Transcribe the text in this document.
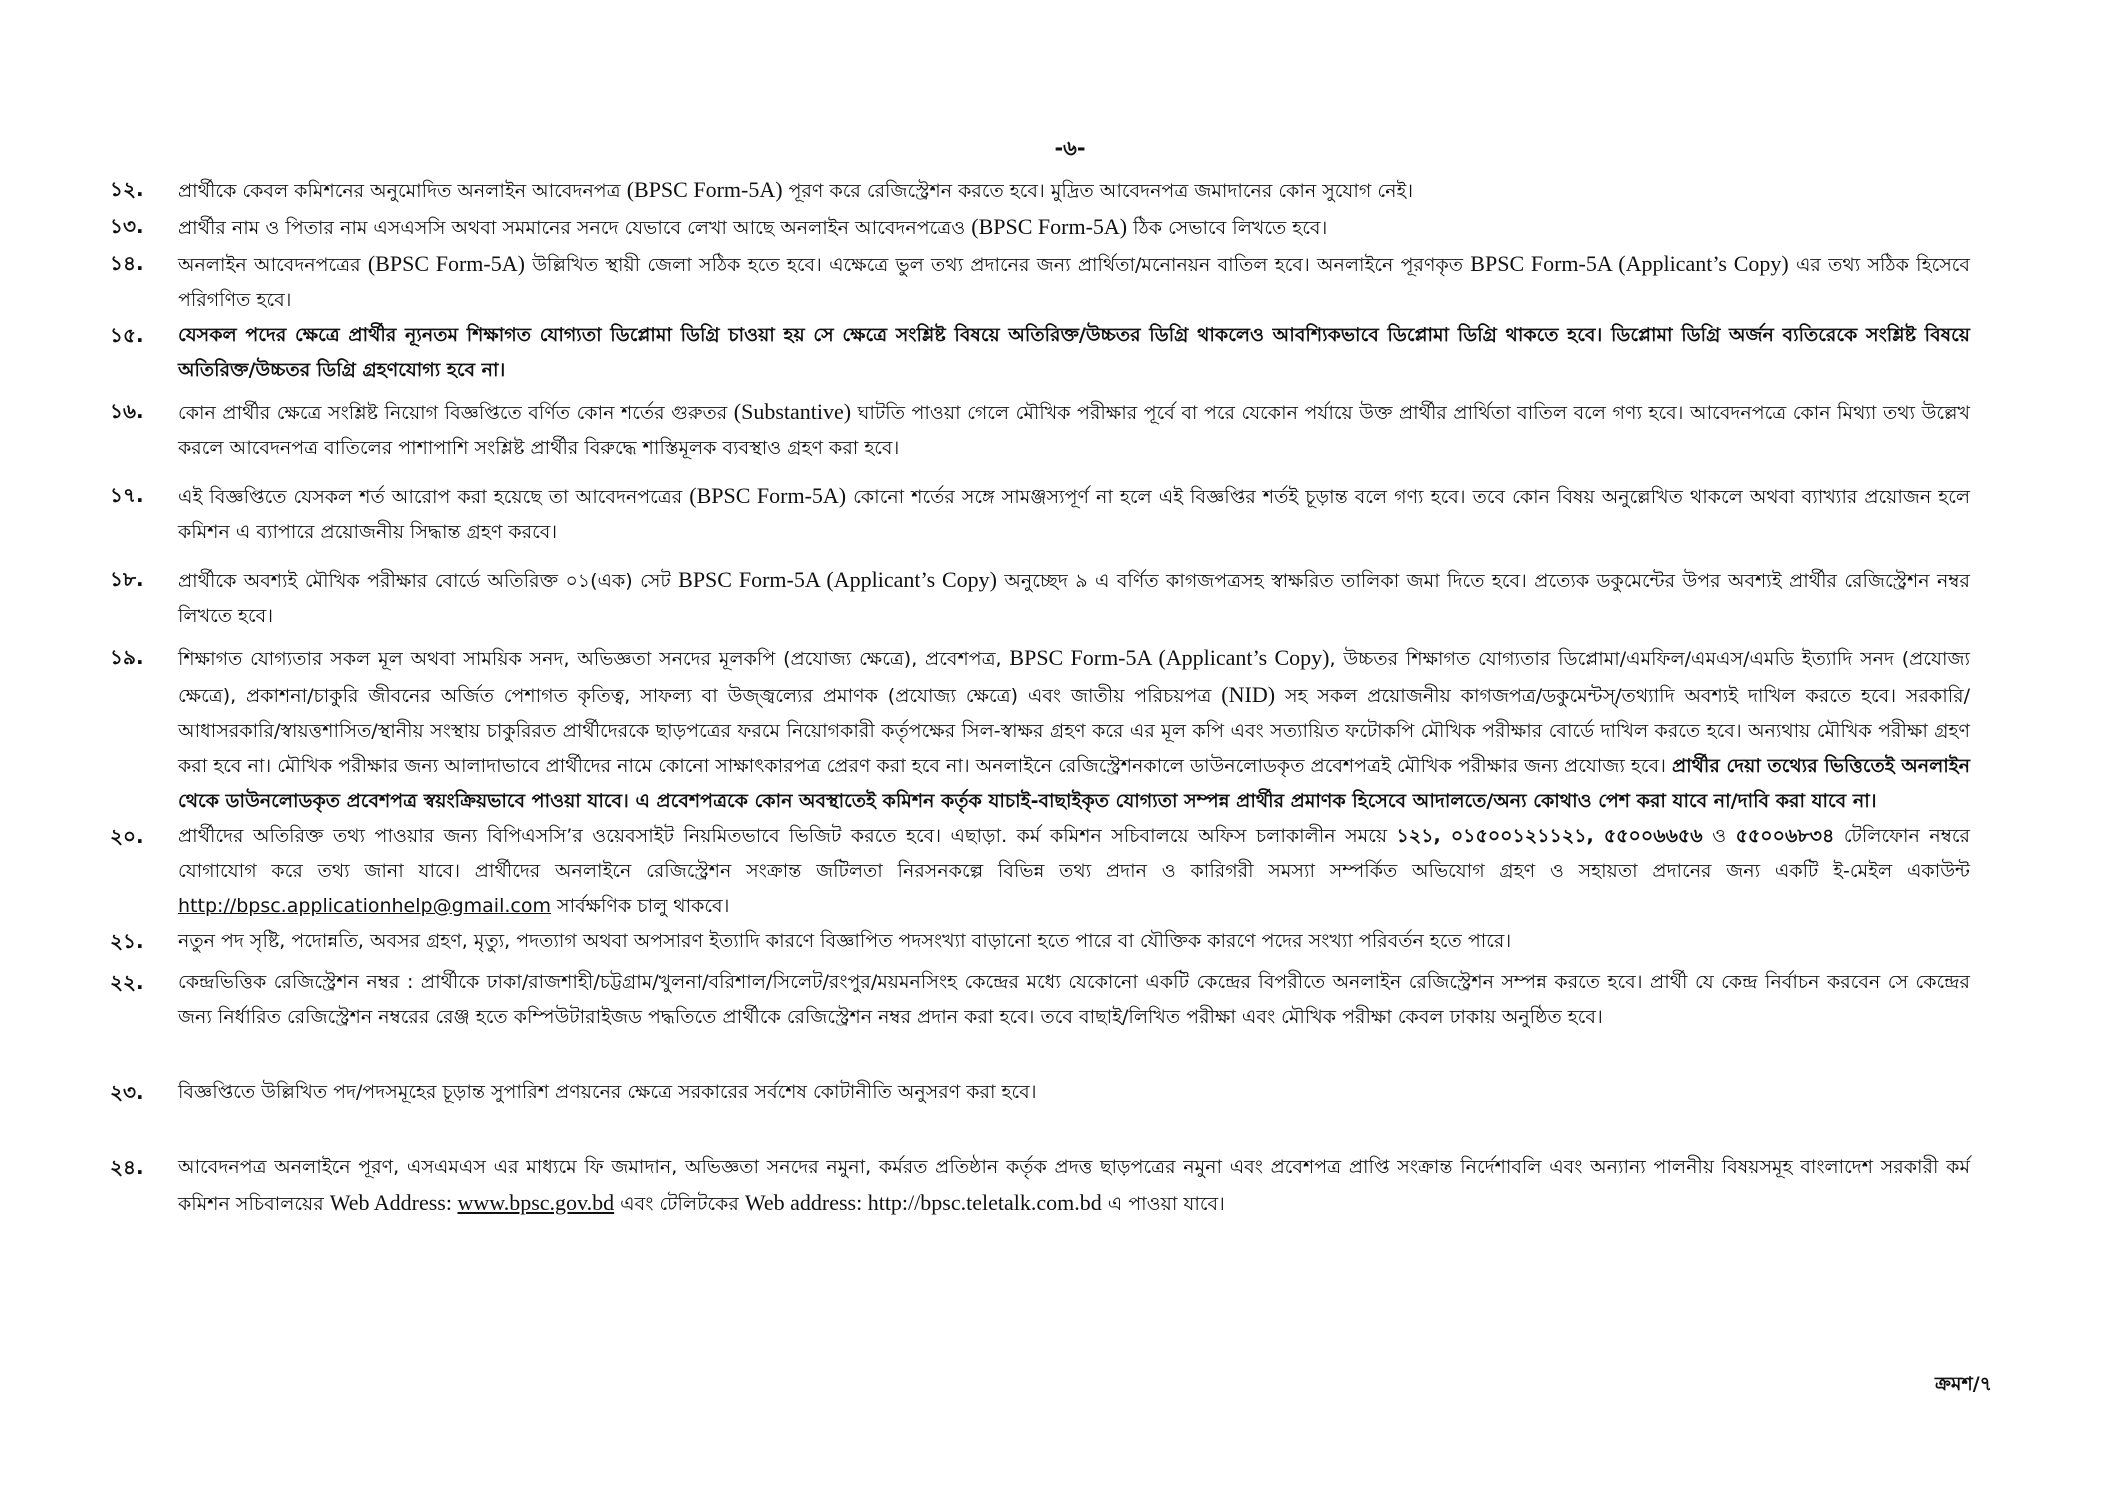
-৬-
১২.	প্রার্থীকে কেবল কমিশনের অনুমোদিত অনলাইন আবেদনপত্র (BPSC Form-5A) পূরণ করে রেজিস্ট্রেশন করতে হবে। মুদ্রিত আবেদনপত্র জমাদানের কোন সুযোগ নেই।
১৩.	প্রার্থীর নাম ও পিতার নাম এসএসসি অথবা সমমানের সনদে যেভাবে লেখা আছে অনলাইন আবেদনপত্রেও (BPSC Form-5A) ঠিক সেভাবে লিখতে হবে।
১৪.	অনলাইন আবেদনপত্রের (BPSC Form-5A) উল্লিখিত স্থায়ী জেলা সঠিক হতে হবে। এক্ষেত্রে ভুল তথ্য প্রদানের জন্য প্রার্থিতা/মনোনয়ন বাতিল হবে। অনলাইনে পূরণকৃত BPSC Form-5A (Applicant’s Copy) এর তথ্য সঠিক হিসেবে পরিগণিত হবে।
১৫.	যেসকল পদের ক্ষেত্রে প্রার্থীর ন্যূনতম শিক্ষাগত যোগ্যতা ডিপ্লোমা ডিগ্রি চাওয়া হয় সে ক্ষেত্রে সংশ্লিষ্ট বিষয়ে অতিরিক্ত/উচ্চতর ডিগ্রি থাকলেও আবশ্যিকভাবে ডিপ্লোমা ডিগ্রি থাকতে হবে। ডিপ্লোমা ডিগ্রি অর্জন ব্যতিরেকে সংশ্লিষ্ট বিষয়ে অতিরিক্ত/উচ্চতর ডিগ্রি গ্রহণযোগ্য হবে না।
১৬.	কোন প্রার্থীর ক্ষেত্রে সংশ্লিষ্ট নিয়োগ বিজ্ঞপ্তিতে বর্ণিত কোন শর্তের গুরুতর (Substantive) ঘাটতি পাওয়া গেলে মৌখিক পরীক্ষার পূর্বে বা পরে যেকোন পর্যায়ে উক্ত প্রার্থীর প্রার্থিতা বাতিল বলে গণ্য হবে। আবেদনপত্রে কোন মিথ্যা তথ্য উল্লেখ করলে আবেদনপত্র বাতিলের পাশাপাশি সংশ্লিষ্ট প্রার্থীর বিরুদ্ধে শাস্তিমূলক ব্যবস্থাও গ্রহণ করা হবে।
১৭.	এই বিজ্ঞপ্তিতে যেসকল শর্ত আরোপ করা হয়েছে তা আবেদনপত্রের (BPSC Form-5A) কোনো শর্তের সঙ্গে সামঞ্জস্যপূর্ণ না হলে এই বিজ্ঞপ্তির শর্তই চূড়ান্ত বলে গণ্য হবে। তবে কোন বিষয় অনুল্লেখিত থাকলে অথবা ব্যাখ্যার প্রয়োজন হলে কমিশন এ ব্যাপারে প্রয়োজনীয় সিদ্ধান্ত গ্রহণ করবে।
১৮.	প্রার্থীকে অবশ্যই মৌখিক পরীক্ষার বোর্ডে অতিরিক্ত ০১(এক) সেট BPSC Form-5A (Applicant’s Copy) অনুচ্ছেদ ৯ এ বর্ণিত কাগজপত্রসহ স্বাক্ষরিত তালিকা জমা দিতে হবে। প্রত্যেক ডকুমেন্টের উপর অবশ্যই প্রার্থীর রেজিস্ট্রেশন নম্বর লিখতে হবে।
১৯.	শিক্ষাগত যোগ্যতার সকল মূল অথবা সাময়িক সনদ, অভিজ্ঞতা সনদের মূলকপি (প্রযোজ্য ক্ষেত্রে), প্রবেশপত্র, BPSC Form-5A (Applicant’s Copy), উচ্চতর শিক্ষাগত যোগ্যতার ডিপ্লোমা/এমফিল/এমএস/এমডি ইত্যাদি সনদ (প্রযোজ্য ক্ষেত্রে), প্রকাশনা/চাকুরি জীবনের অর্জিত পেশাগত কৃতিত্ব, সাফল্য বা উজ্জ্বল্যের প্রমাণক (প্রযোজ্য ক্ষেত্রে) এবং জাতীয় পরিচয়পত্র (NID) সহ সকল প্রয়োজনীয় কাগজপত্র/ডকুমেন্টস্/তথ্যাদি অবশ্যই দাখিল করতে হবে। সরকারি/ আধাসরকারি/স্বায়ত্তশাসিত/স্থানীয় সংস্থায় চাকুরিরত প্রার্থীদেরকে ছাড়পত্রের ফরমে নিয়োগকারী কর্তৃপক্ষের সিল-স্বাক্ষর গ্রহণ করে এর মূল কপি এবং সত্যায়িত ফটোকপি মৌখিক পরীক্ষার বোর্ডে দাখিল করতে হবে। অন্যথায় মৌখিক পরীক্ষা গ্রহণ করা হবে না। মৌখিক পরীক্ষার জন্য আলাদাভাবে প্রার্থীদের নামে কোনো সাক্ষাৎকারপত্র প্রেরণ করা হবে না। অনলাইনে রেজিস্ট্রেশনকালে ডাউনলোডকৃত প্রবেশপত্রই মৌখিক পরীক্ষার জন্য প্রযোজ্য হবে। প্রার্থীর দেয়া তথ্যের ভিত্তিতেই অনলাইন থেকে ডাউনলোডকৃত প্রবেশপত্র স্বয়ংক্রিয়ভাবে পাওয়া যাবে। এ প্রবেশপত্রকে কোন অবস্থাতেই কমিশন কর্তৃক যাচাই-বাছাইকৃত যোগ্যতা সম্পন্ন প্রার্থীর প্রমাণক হিসেবে আদালতে/অন্য কোথাও পেশ করা যাবে না/দাবি করা যাবে না।
২০.	প্রার্থীদের অতিরিক্ত তথ্য পাওয়ার জন্য বিপিএসসি’র ওয়েবসাইট নিয়মিতভাবে ভিজিট করতে হবে। এছাড়া. কর্ম কমিশন সচিবালয়ে অফিস চলাকালীন সময়ে ১২১, ০১৫০০১২১১২১, ৫৫০০৬৬৫৬ ও ৫৫০০৬৮৩৪ টেলিফোন নম্বরে যোগাযোগ করে তথ্য জানা যাবে। প্রার্থীদের অনলাইনে রেজিস্ট্রেশন সংক্রান্ত জটিলতা নিরসনকল্পে বিভিন্ন তথ্য প্রদান ও কারিগরী সমস্যা সম্পর্কিত অভিযোগ গ্রহণ ও সহায়তা প্রদানের জন্য একটি ই-মেইল একাউন্ট http://bpsc.applicationhelp@gmail.com সার্বক্ষণিক চালু থাকবে।
২১.	নতুন পদ সৃষ্টি, পদোন্নতি, অবসর গ্রহণ, মৃত্যু, পদত্যাগ অথবা অপসারণ ইত্যাদি কারণে বিজ্ঞাপিত পদসংখ্যা বাড়ানো হতে পারে বা যৌক্তিক কারণে পদের সংখ্যা পরিবর্তন হতে পারে।
২২.	কেন্দ্রভিত্তিক রেজিস্ট্রেশন নম্বর : প্রার্থীকে ঢাকা/রাজশাহী/চট্টগ্রাম/খুলনা/বরিশাল/সিলেট/রংপুর/ময়মনসিংহ কেন্দ্রের মধ্যে যেকোনো একটি কেন্দ্রের বিপরীতে অনলাইন রেজিস্ট্রেশন সম্পন্ন করতে হবে। প্রার্থী যে কেন্দ্র নির্বাচন করবেন সে কেন্দ্রের জন্য নির্ধারিত রেজিস্ট্রেশন নম্বরের রেঞ্জ হতে কম্পিউটারাইজড পদ্ধতিতে প্রার্থীকে রেজিস্ট্রেশন নম্বর প্রদান করা হবে। তবে বাছাই/লিখিত পরীক্ষা এবং মৌখিক পরীক্ষা কেবল ঢাকায় অনুষ্ঠিত হবে।
২৩.	বিজ্ঞপ্তিতে উল্লিখিত পদ/পদসমূহের চূড়ান্ত সুপারিশ প্রণয়নের ক্ষেত্রে সরকারের সর্বশেষ কোটানীতি অনুসরণ করা হবে।
২৪.	আবেদনপত্র অনলাইনে পূরণ, এসএমএস এর মাধ্যমে ফি জমাদান, অভিজ্ঞতা সনদের নমুনা, কর্মরত প্রতিষ্ঠান কর্তৃক প্রদত্ত ছাড়পত্রের নমুনা এবং প্রবেশপত্র প্রাপ্তি সংক্রান্ত নির্দেশাবলি এবং অন্যান্য পালনীয় বিষয়সমূহ বাংলাদেশ সরকারী কর্ম কমিশন সচিবালয়ের Web Address: www.bpsc.gov.bd এবং টেলিটকের Web address: http://bpsc.teletalk.com.bd এ পাওয়া যাবে।
ক্রমশ/৭
